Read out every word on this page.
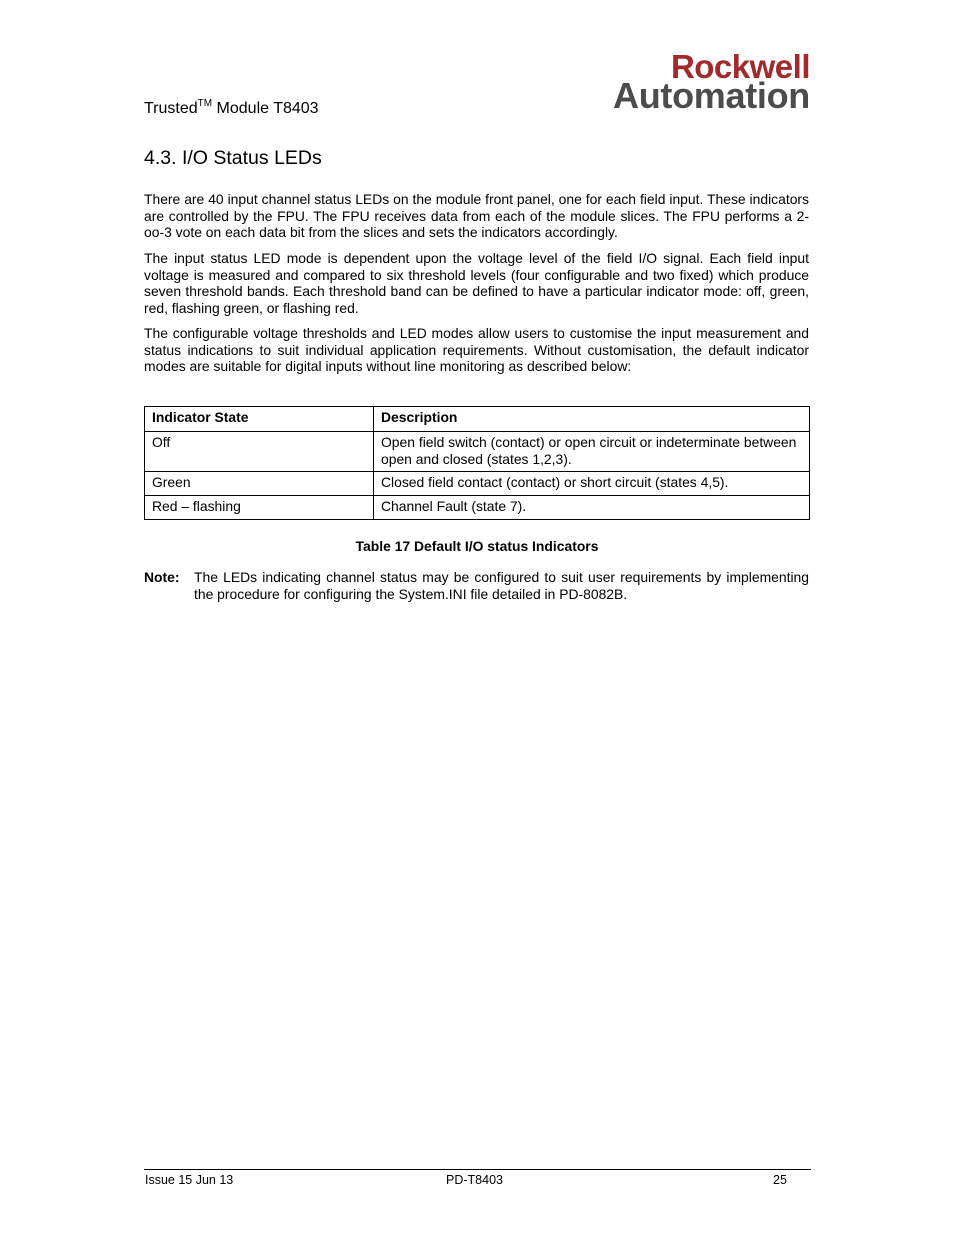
Trusted™ Module T8403
Rockwell
Automation
4.3. I/O Status LEDs
There are 40 input channel status LEDs on the module front panel, one for each field input. These indicators are controlled by the FPU. The FPU receives data from each of the module slices. The FPU performs a 2-oo-3 vote on each data bit from the slices and sets the indicators accordingly.
The input status LED mode is dependent upon the voltage level of the field I/O signal. Each field input voltage is measured and compared to six threshold levels (four configurable and two fixed) which produce seven threshold bands. Each threshold band can be defined to have a particular indicator mode: off, green, red, flashing green, or flashing red.
The configurable voltage thresholds and LED modes allow users to customise the input measurement and status indications to suit individual application requirements. Without customisation, the default indicator modes are suitable for digital inputs without line monitoring as described below:
Indicator State	Description
Off	Open field switch (contact) or open circuit or indeterminate between open and closed (states 1,2,3).
Green	Closed field contact (contact) or short circuit (states 4,5).
Red – flashing	Channel Fault (state 7).
Table 17 Default I/O status Indicators
Note: The LEDs indicating channel status may be configured to suit user requirements by implementing the procedure for configuring the System.INI file detailed in PD-8082B.
Issue 15 Jun 13	PD-T8403	25
